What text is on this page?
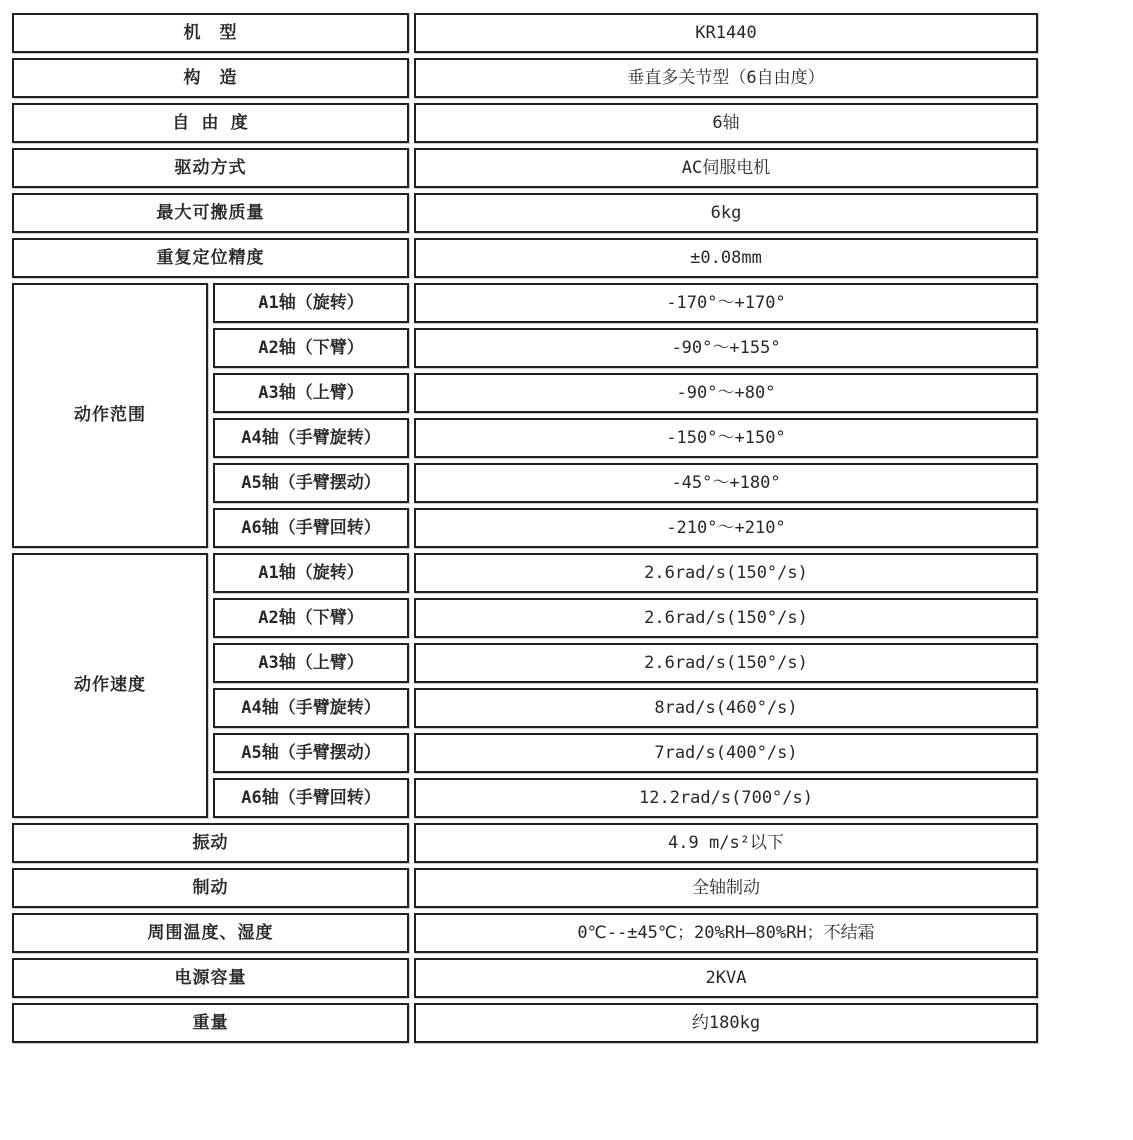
机　型	KR1440
构　造	垂直多关节型（6自由度）
自 由 度	6轴
驱动方式	AC伺服电机
最大可搬质量	6kg
重复定位精度	±0.08mm
动作范围
A1轴（旋转）	-170°～+170°
A2轴（下臂）	-90°～+155°
A3轴（上臂）	-90°～+80°
A4轴（手臂旋转）	-150°～+150°
A5轴（手臂摆动）	-45°～+180°
A6轴（手臂回转）	-210°～+210°
动作速度
A1轴（旋转）	2.6rad/s(150°/s)
A2轴（下臂）	2.6rad/s(150°/s)
A3轴（上臂）	2.6rad/s(150°/s)
A4轴（手臂旋转）	8rad/s(460°/s)
A5轴（手臂摆动）	7rad/s(400°/s)
A6轴（手臂回转）	12.2rad/s(700°/s)
振动	4.9 m/s²以下
制动	全轴制动
周围温度、湿度	0℃--±45℃；20%RH—80%RH；不结霜
电源容量	2KVA
重量	约180kg
